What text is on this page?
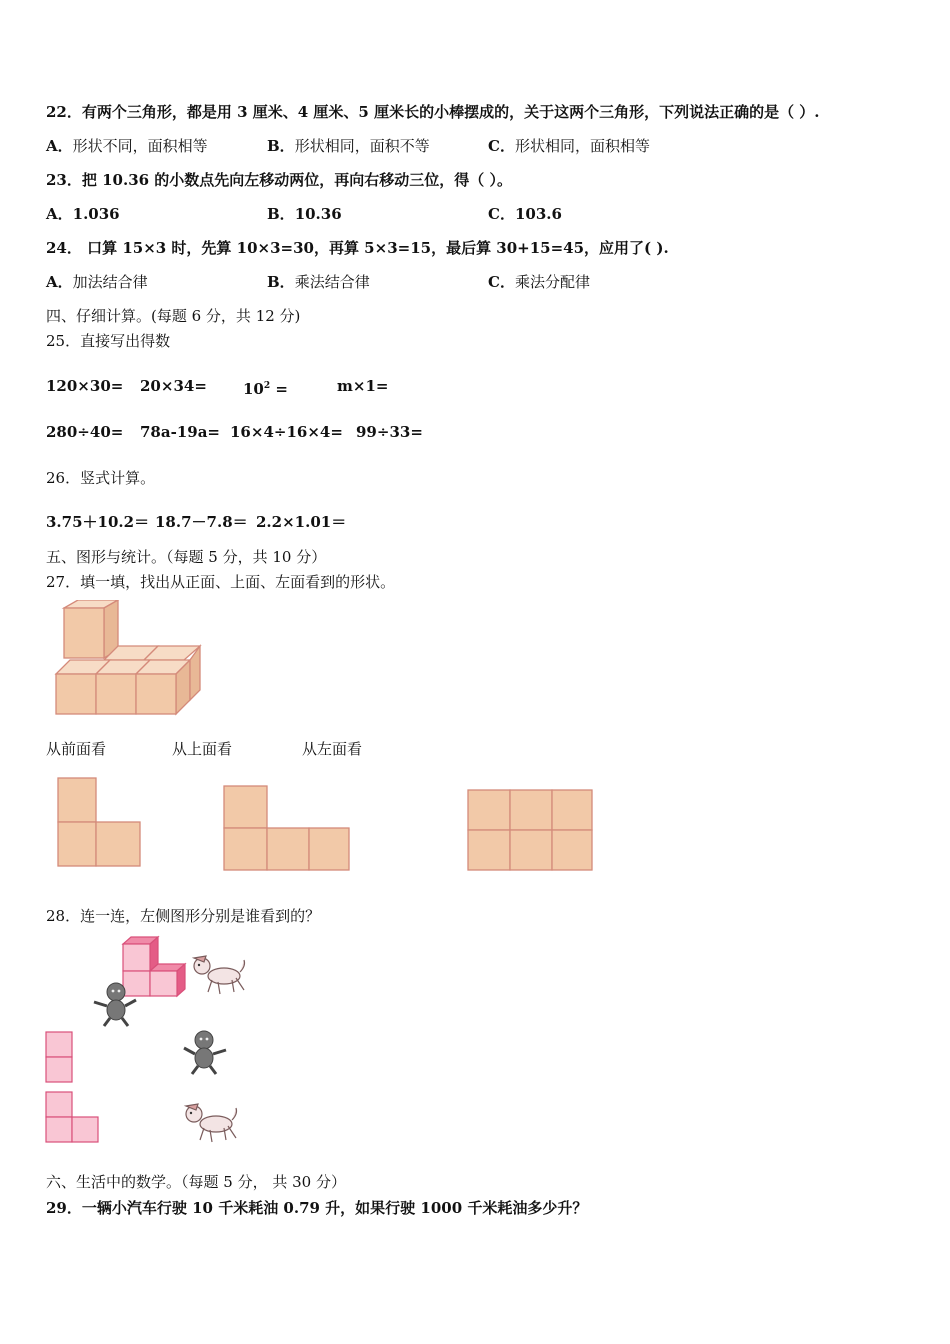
22．有两个三角形，都是用 3 厘米、4 厘米、5 厘米长的小棒摆成的，关于这两个三角形，下列说法正确的是（ ）.
A．形状不同，面积相等	B．形状相同，面积不等	C．形状相同，面积相等
23．把 10.36 的小数点先向左移动两位，再向右移动三位，得（ ）。
A．1.036	B．10.36	C．103.6
24． 口算 15×3 时，先算 10×3=30，再算 5×3=15，最后算 30+15=45，应用了( ).
A．加法结合律	B．乘法结合律	C．乘法分配律
四、仔细计算。(每题 6 分，共 12 分)
25．直接写出得数
$120\times 30= 20\times 34= 10^2$ =	m×1=
280÷40= 78a-19a= 16×4÷16×4= 99÷33=
26．竖式计算。
3.75＋10.2＝ 18.7－7.8＝ 2.2×1.01＝
五、图形与统计。（每题 5 分，共 10 分）
27．填一填，找出从正面、上面、左面看到的形状。
从前面看	从上面看	从左面看
28．连一连，左侧图形分别是谁看到的？
六、生活中的数学。（每题 5 分， 共 30 分）
29．一辆小汽车行驶 10 千米耗油 0.79 升，如果行驶 1000 千米耗油多少升？
